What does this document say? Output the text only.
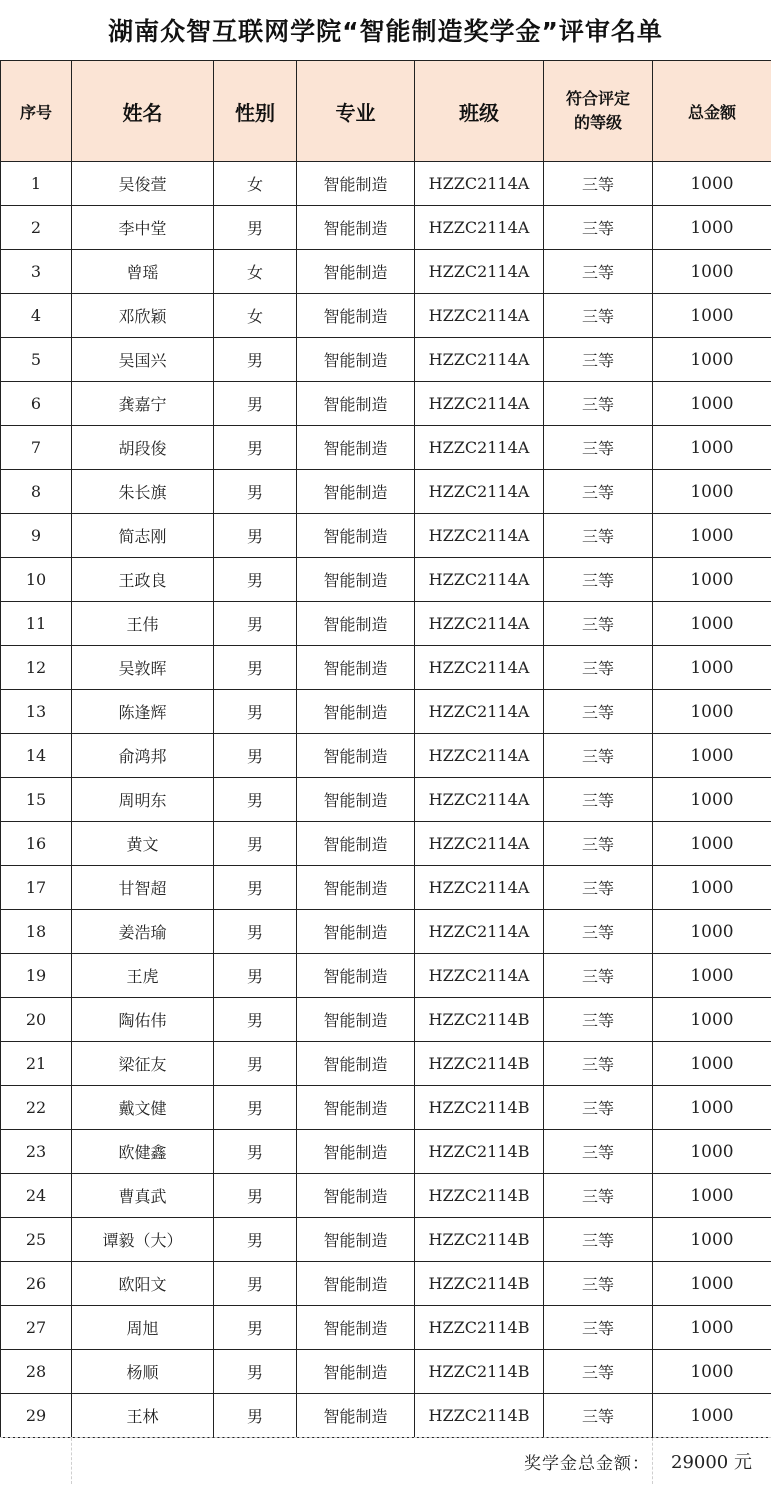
湖南众智互联网学院“智能制造奖学金”评审名单
序号	姓名	性别	专业	班级	符合评定的等级	总金额
1	吴俊萱	女	智能制造	HZZC2114A	三等	1000
2	李中堂	男	智能制造	HZZC2114A	三等	1000
3	曾瑶	女	智能制造	HZZC2114A	三等	1000
4	邓欣颖	女	智能制造	HZZC2114A	三等	1000
5	吴国兴	男	智能制造	HZZC2114A	三等	1000
6	龚嘉宁	男	智能制造	HZZC2114A	三等	1000
7	胡段俊	男	智能制造	HZZC2114A	三等	1000
8	朱长旗	男	智能制造	HZZC2114A	三等	1000
9	简志刚	男	智能制造	HZZC2114A	三等	1000
10	王政良	男	智能制造	HZZC2114A	三等	1000
11	王伟	男	智能制造	HZZC2114A	三等	1000
12	吴敦晖	男	智能制造	HZZC2114A	三等	1000
13	陈逢辉	男	智能制造	HZZC2114A	三等	1000
14	俞鸿邦	男	智能制造	HZZC2114A	三等	1000
15	周明东	男	智能制造	HZZC2114A	三等	1000
16	黄文	男	智能制造	HZZC2114A	三等	1000
17	甘智超	男	智能制造	HZZC2114A	三等	1000
18	姜浩瑜	男	智能制造	HZZC2114A	三等	1000
19	王虎	男	智能制造	HZZC2114A	三等	1000
20	陶佑伟	男	智能制造	HZZC2114B	三等	1000
21	梁征友	男	智能制造	HZZC2114B	三等	1000
22	戴文健	男	智能制造	HZZC2114B	三等	1000
23	欧健鑫	男	智能制造	HZZC2114B	三等	1000
24	曹真武	男	智能制造	HZZC2114B	三等	1000
25	谭毅（大）	男	智能制造	HZZC2114B	三等	1000
26	欧阳文	男	智能制造	HZZC2114B	三等	1000
27	周旭	男	智能制造	HZZC2114B	三等	1000
28	杨顺	男	智能制造	HZZC2114B	三等	1000
29	王林	男	智能制造	HZZC2114B	三等	1000
奖学金总金额：	29000 元
